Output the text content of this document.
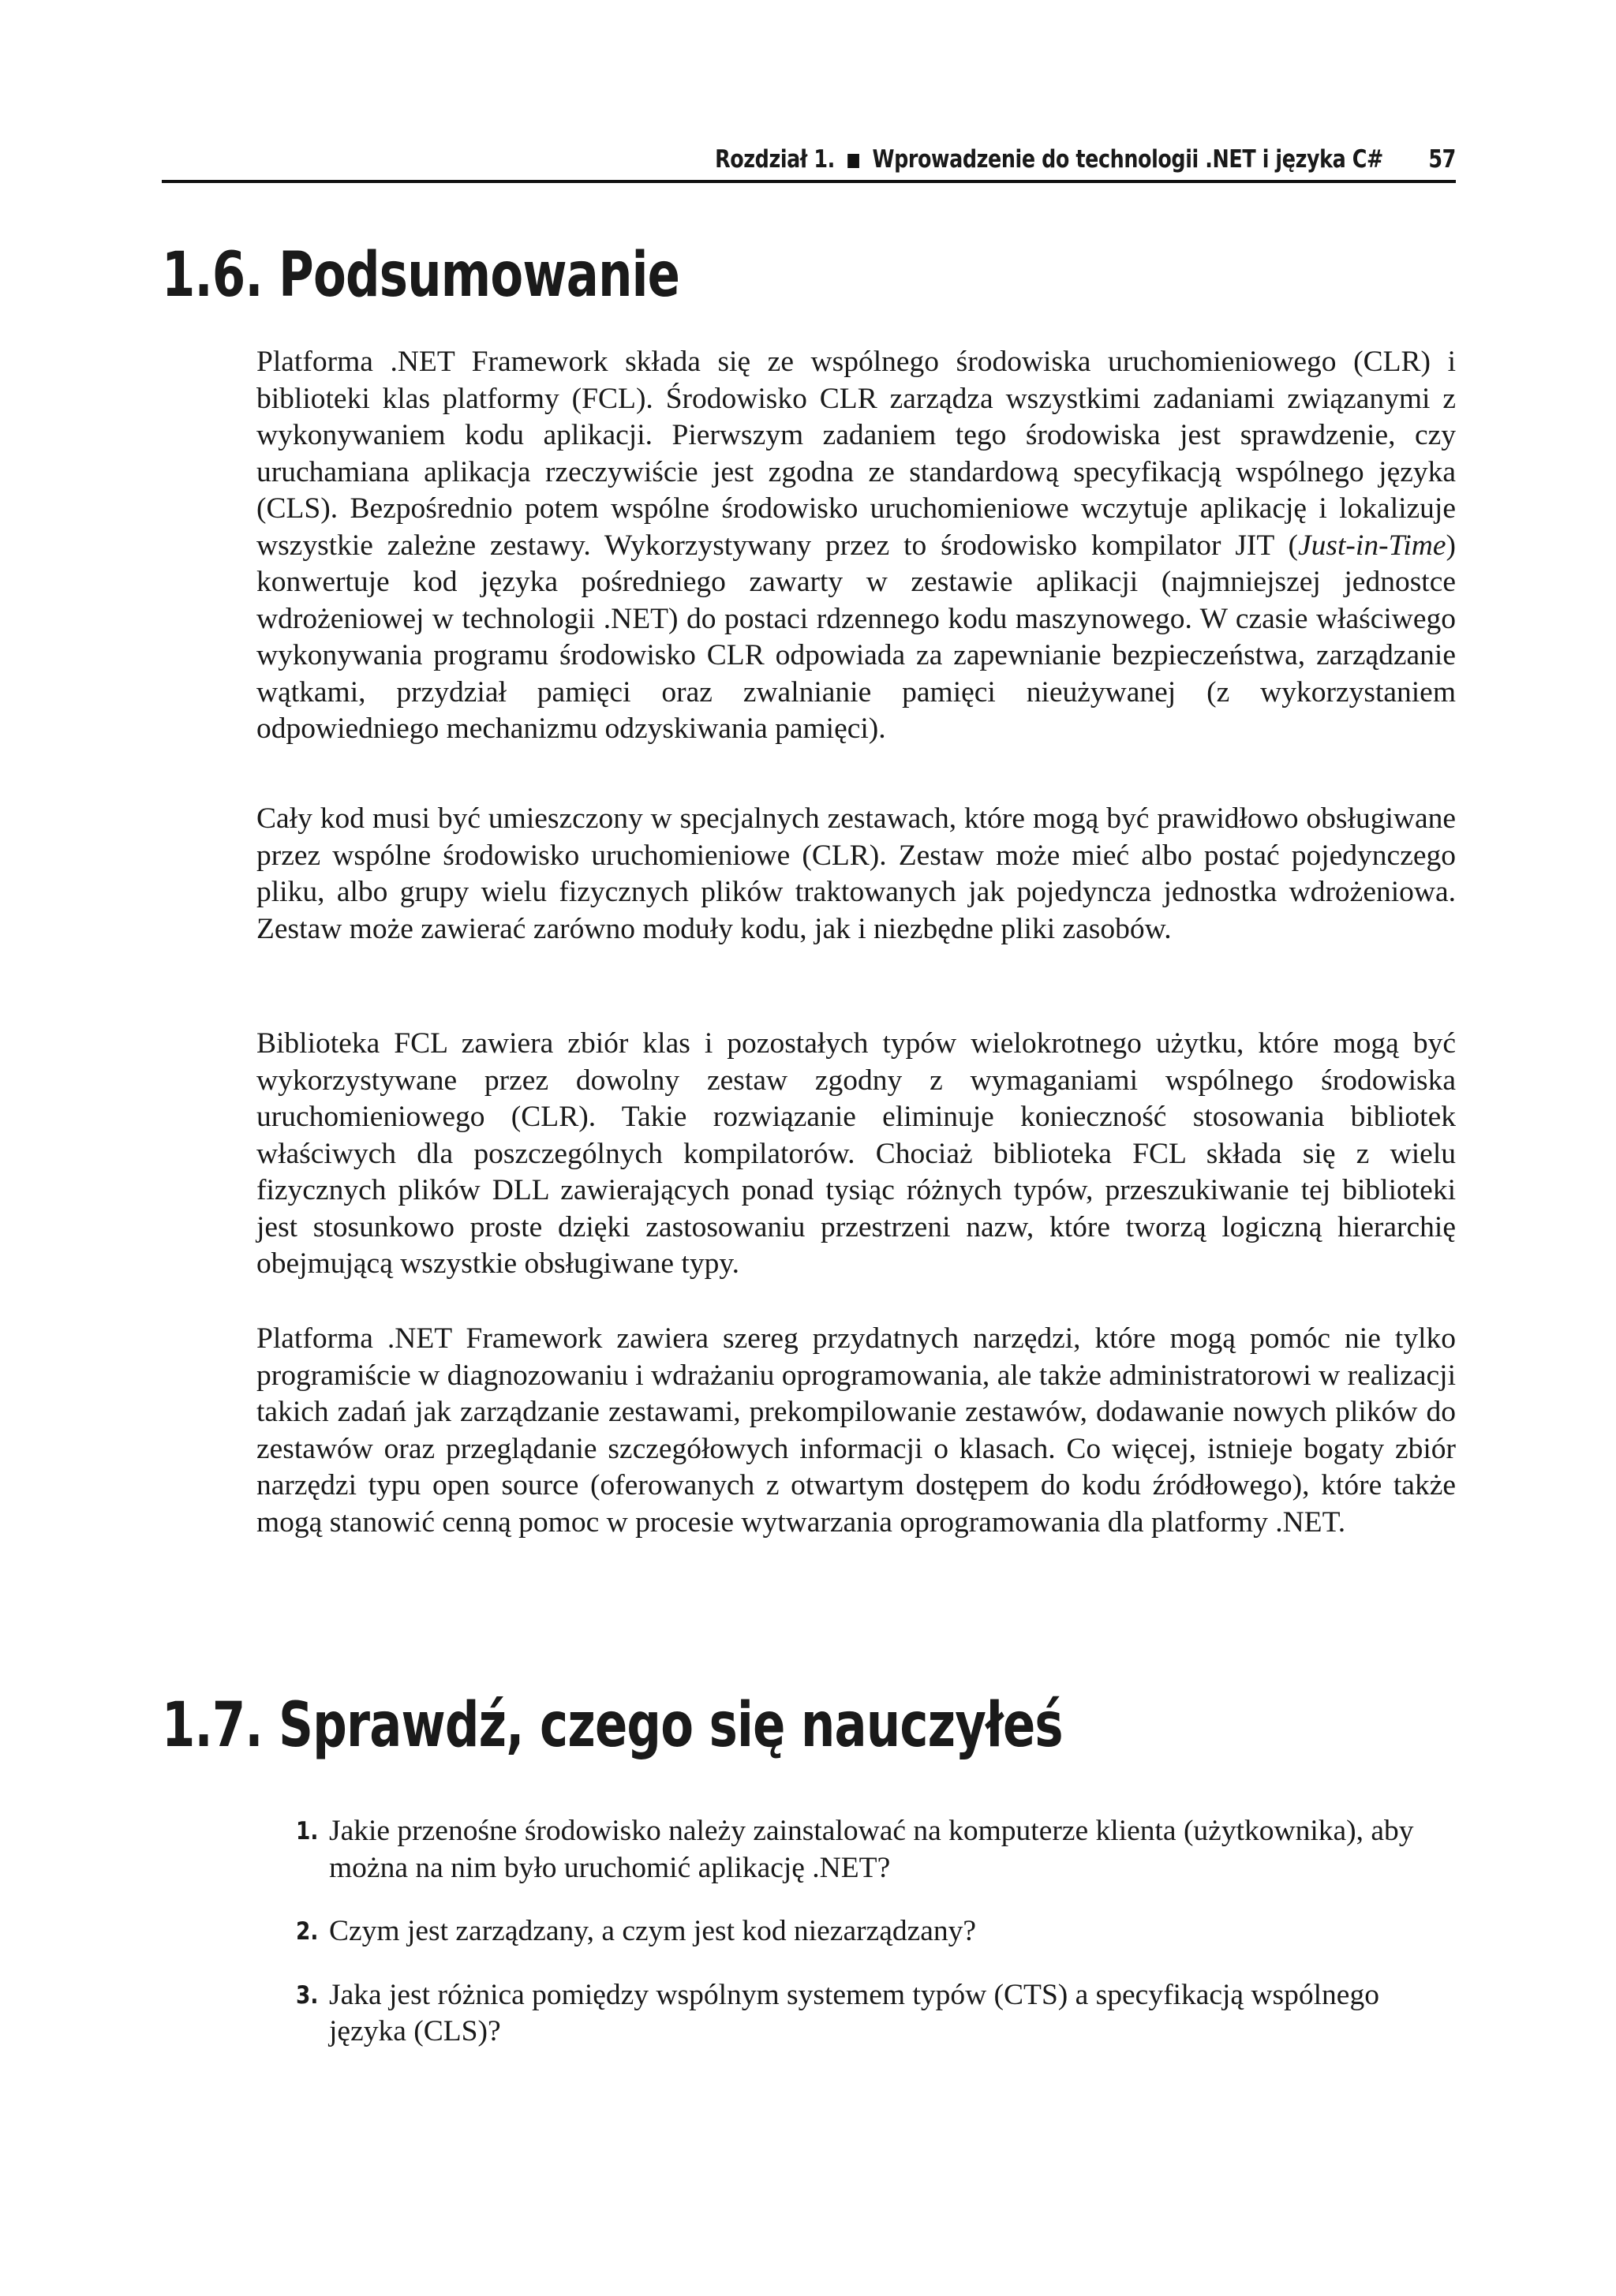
Rozdział 1. Wprowadzenie do technologii .NET i języka C# 57
1.6. Podsumowanie

Platforma .NET Framework składa się ze wspólnego środowiska uruchomieniowego (CLR) i biblioteki klas platformy (FCL). Środowisko CLR zarządza wszystkimi zadaniami związanymi z wykonywaniem kodu aplikacji. Pierwszym zadaniem tego środowiska jest sprawdzenie, czy uruchamiana aplikacja rzeczywiście jest zgodna ze standardową specyfikacją wspólnego języka (CLS). Bezpośrednio potem wspólne środowisko uruchomieniowe wczytuje aplikację i lokalizuje wszystkie zależne zestawy. Wykorzystywany przez to środowisko kompilator JIT (Just-in-Time) konwertuje kod języka pośredniego zawarty w zestawie aplikacji (najmniejszej jednostce wdrożeniowej w technologii .NET) do postaci rdzennego kodu maszynowego. W czasie właściwego wykonywania programu środowisko CLR odpowiada za zapewnianie bezpieczeństwa, zarządzanie wątkami, przydział pamięci oraz zwalnianie pamięci nieużywanej (z wykorzystaniem odpowiedniego mechanizmu odzyskiwania pamięci).

Cały kod musi być umieszczony w specjalnych zestawach, które mogą być prawidłowo obsługiwane przez wspólne środowisko uruchomieniowe (CLR). Zestaw może mieć albo postać pojedynczego pliku, albo grupy wielu fizycznych plików traktowanych jak pojedyncza jednostka wdrożeniowa. Zestaw może zawierać zarówno moduły kodu, jak i niezbędne pliki zasobów.

Biblioteka FCL zawiera zbiór klas i pozostałych typów wielokrotnego użytku, które mogą być wykorzystywane przez dowolny zestaw zgodny z wymaganiami wspólnego środowiska uruchomieniowego (CLR). Takie rozwiązanie eliminuje konieczność stosowania bibliotek właściwych dla poszczególnych kompilatorów. Chociaż biblioteka FCL składa się z wielu fizycznych plików DLL zawierających ponad tysiąc różnych typów, przeszukiwanie tej biblioteki jest stosunkowo proste dzięki zastosowaniu przestrzeni nazw, które tworzą logiczną hierarchię obejmującą wszystkie obsługiwane typy.

Platforma .NET Framework zawiera szereg przydatnych narzędzi, które mogą pomóc nie tylko programiście w diagnozowaniu i wdrażaniu oprogramowania, ale także administratorowi w realizacji takich zadań jak zarządzanie zestawami, prekompilowanie zestawów, dodawanie nowych plików do zestawów oraz przeglądanie szczegółowych informacji o klasach. Co więcej, istnieje bogaty zbiór narzędzi typu open source (oferowanych z otwartym dostępem do kodu źródłowego), które także mogą stanowić cenną pomoc w procesie wytwarzania oprogramowania dla platformy .NET.

1.7. Sprawdź, czego się nauczyłeś
1. Jakie przenośne środowisko należy zainstalować na komputerze klienta (użytkownika), aby można na nim było uruchomić aplikację .NET?
2. Czym jest zarządzany, a czym jest kod niezarządzany?
3. Jaka jest różnica pomiędzy wspólnym systemem typów (CTS) a specyfikacją wspólnego języka (CLS)?
